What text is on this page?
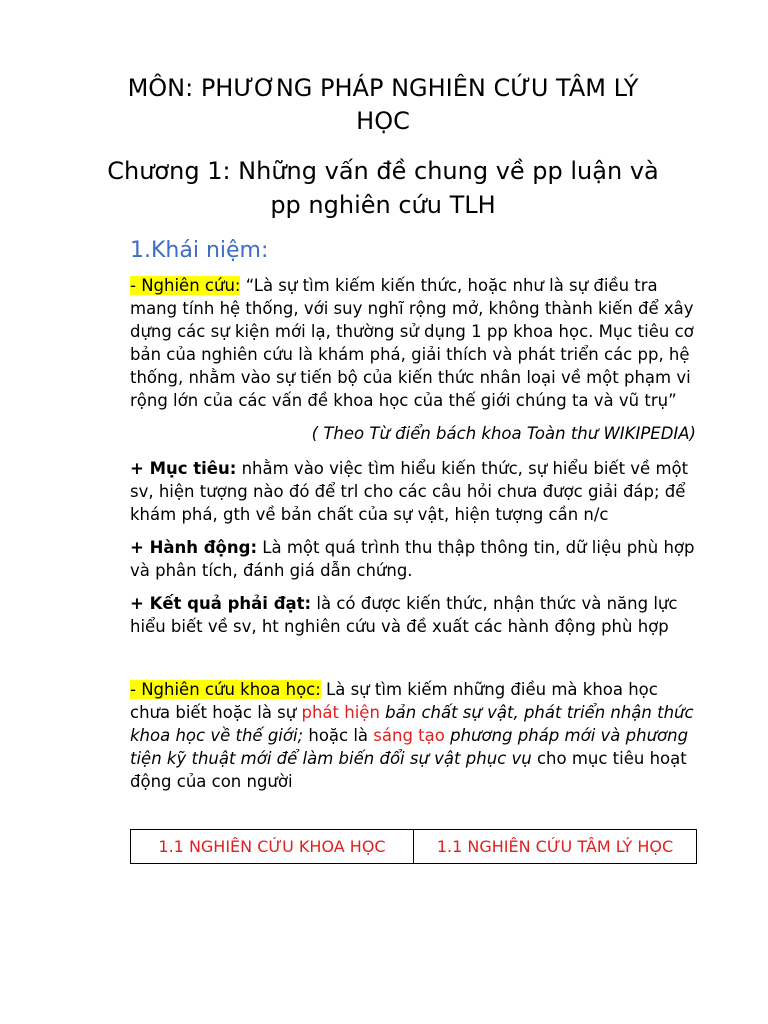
MÔN: PHƯƠNG PHÁP NGHIÊN CỨU TÂM LÝ
HỌC
Chương 1: Những vấn đề chung về pp luận và
pp nghiên cứu TLH
1.Khái niệm:

- Nghiên cứu: “Là sự tìm kiếm kiến thức, hoặc như là sự điều tra mang tính hệ thống, với suy nghĩ rộng mở, không thành kiến để xây dựng các sự kiện mới lạ, thường sử dụng 1 pp khoa học. Mục tiêu cơ bản của nghiên cứu là khám phá, giải thích và phát triển các pp, hệ thống, nhằm vào sự tiến bộ của kiến thức nhân loại về một phạm vi rộng lớn của các vấn đề khoa học của thế giới chúng ta và vũ trụ”

( Theo Từ điển bách khoa Toàn thư WIKIPEDIA)

+ Mục tiêu: nhằm vào việc tìm hiểu kiến thức, sự hiểu biết về một sv, hiện tượng nào đó để trl cho các câu hỏi chưa được giải đáp; để khám phá, gth về bản chất của sự vật, hiện tượng cần n/c

+ Hành động: Là một quá trình thu thập thông tin, dữ liệu phù hợp và phân tích, đánh giá dẫn chứng.

+ Kết quả phải đạt: là có được kiến thức, nhận thức và năng lực hiểu biết về sv, ht nghiên cứu và đề xuất các hành động phù hợp

- Nghiên cứu khoa học: Là sự tìm kiếm những điều mà khoa học chưa biết hoặc là sự phát hiện bản chất sự vật, phát triển nhận thức khoa học về thế giới; hoặc là sáng tạo phương pháp mới và phương tiện kỹ thuật mới để làm biến đổi sự vật phục vụ cho mục tiêu hoạt động của con người

1.1 NGHIÊN CỨU KHOA HỌC	1.1 NGHIÊN CỨU TÂM LÝ HỌC
